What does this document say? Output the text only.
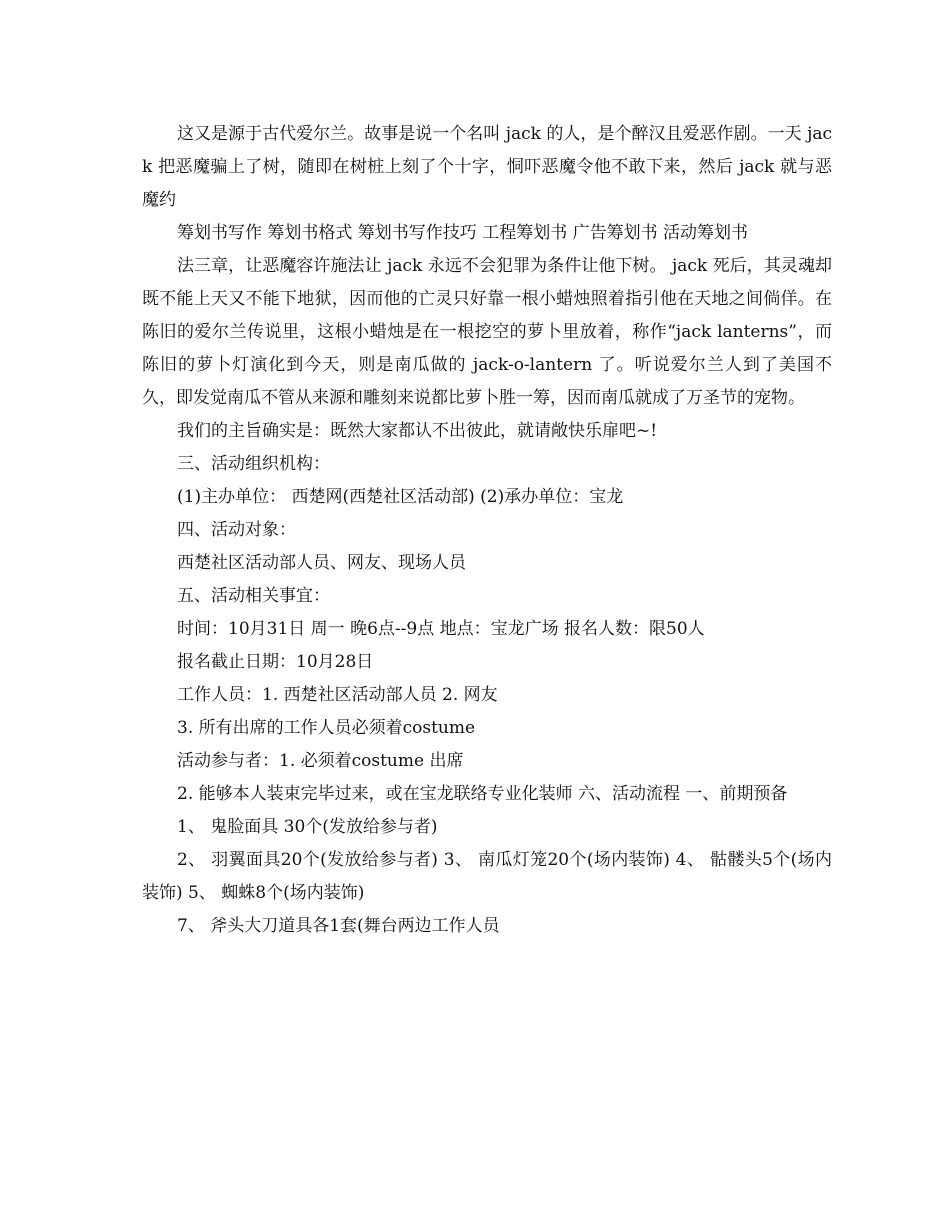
这又是源于古代爱尔兰。故事是说一个名叫 jack 的人，是个醉汉且爱恶作剧。一天 jack 把恶魔骗上了树，随即在树桩上刻了个十字，恫吓恶魔令他不敢下来，然后 jack 就与恶魔约

筹划书写作 筹划书格式 筹划书写作技巧 工程筹划书 广告筹划书 活动筹划书

法三章，让恶魔容许施法让 jack 永远不会犯罪为条件让他下树。 jack 死后，其灵魂却既不能上天又不能下地狱，因而他的亡灵只好靠一根小蜡烛照着指引他在天地之间倘佯。在陈旧的爱尔兰传说里，这根小蜡烛是在一根挖空的萝卜里放着，称作“jack lanterns”，而陈旧的萝卜灯演化到今天，则是南瓜做的 jack-o-lantern 了。听说爱尔兰人到了美国不久，即发觉南瓜不管从来源和雕刻来说都比萝卜胜一筹，因而南瓜就成了万圣节的宠物。

我们的主旨确实是：既然大家都认不出彼此，就请敞快乐扉吧~!

三、活动组织机构：

(1)主办单位： 西楚网(西楚社区活动部) (2)承办单位：宝龙

四、活动对象：

西楚社区活动部人员、网友、现场人员

五、活动相关事宜：

时间：10月31日 周一 晚6点--9点 地点：宝龙广场 报名人数：限50人

报名截止日期：10月28日

工作人员：1. 西楚社区活动部人员 2. 网友

3. 所有出席的工作人员必须着costume

活动参与者：1. 必须着costume 出席

2. 能够本人装束完毕过来，或在宝龙联络专业化装师 六、活动流程 一、前期预备

1、 鬼脸面具 30个(发放给参与者)

2、 羽翼面具20个(发放给参与者) 3、 南瓜灯笼20个(场内装饰) 4、 骷髅头5个(场内装饰) 5、 蜘蛛8个(场内装饰)

7、 斧头大刀道具各1套(舞台两边工作人员
